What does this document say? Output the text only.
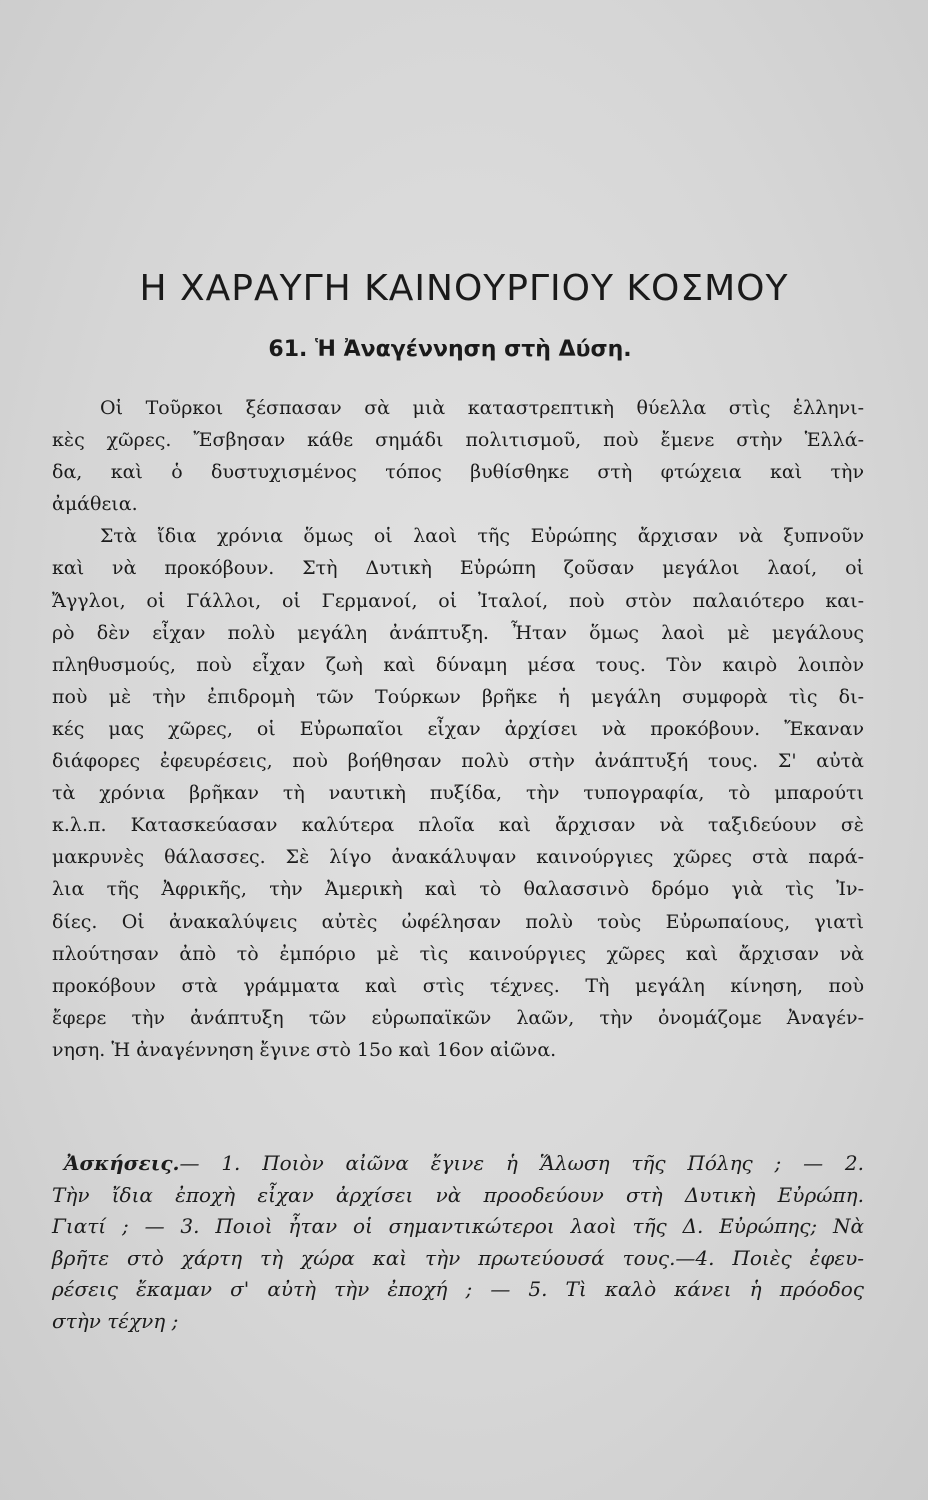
Η ΧΑΡΑΥΓΗ ΚΑΙΝΟΥΡΓΙΟΥ ΚΟΣΜΟΥ
61. Ἡ Ἀναγέννηση στὴ Δύση.
Οἱ Τοῦρκοι ξέσπασαν σὰ μιὰ καταστρεπτικὴ θύελλα στὶς ἑλληνι-
κὲς χῶρες. Ἔσβησαν κάθε σημάδι πολιτισμοῦ, ποὺ ἔμενε στὴν Ἑλλά-
δα, καὶ ὁ δυστυχισμένος τόπος βυθίσθηκε στὴ φτώχεια καὶ τὴν
ἀμάθεια.
Στὰ ἴδια χρόνια ὅμως οἱ λαοὶ τῆς Εὐρώπης ἄρχισαν νὰ ξυπνοῦν
καὶ νὰ προκόβουν. Στὴ Δυτικὴ Εὐρώπη ζοῦσαν μεγάλοι λαοί, οἱ
Ἄγγλοι, οἱ Γάλλοι, οἱ Γερμανοί, οἱ Ἰταλοί, ποὺ στὸν παλαιότερο και-
ρὸ δὲν εἶχαν πολὺ μεγάλη ἀνάπτυξη. Ἦταν ὅμως λαοὶ μὲ μεγάλους
πληθυσμούς, ποὺ εἶχαν ζωὴ καὶ δύναμη μέσα τους. Τὸν καιρὸ λοιπὸν
ποὺ μὲ τὴν ἐπιδρομὴ τῶν Τούρκων βρῆκε ἡ μεγάλη συμφορὰ τὶς δι-
κές μας χῶρες, οἱ Εὐρωπαῖοι εἶχαν ἀρχίσει νὰ προκόβουν. Ἔκαναν
διάφορες ἐφευρέσεις, ποὺ βοήθησαν πολὺ στὴν ἀνάπτυξή τους. Σ' αὐτὰ
τὰ χρόνια βρῆκαν τὴ ναυτικὴ πυξίδα, τὴν τυπογραφία, τὸ μπαρούτι
κ.λ.π. Κατασκεύασαν καλύτερα πλοῖα καὶ ἄρχισαν νὰ ταξιδεύουν σὲ
μακρυνὲς θάλασσες. Σὲ λίγο ἀνακάλυψαν καινούργιες χῶρες στὰ παρά-
λια τῆς Ἀφρικῆς, τὴν Ἀμερικὴ καὶ τὸ θαλασσινὸ δρόμο γιὰ τὶς Ἰν-
δίες. Οἱ ἀνακαλύψεις αὐτὲς ὠφέλησαν πολὺ τοὺς Εὐρωπαίους, γιατὶ
πλούτησαν ἀπὸ τὸ ἐμπόριο μὲ τὶς καινούργιες χῶρες καὶ ἄρχισαν νὰ
προκόβουν στὰ γράμματα καὶ στὶς τέχνες. Τὴ μεγάλη κίνηση, ποὺ
ἔφερε τὴν ἀνάπτυξη τῶν εὐρωπαϊκῶν λαῶν, τὴν ὀνομάζομε Ἀναγέν-
νηση. Ἡ ἀναγέννηση ἔγινε στὸ 15ο καὶ 16ον αἰῶνα.
Ἀσκήσεις.— 1. Ποιὸν αἰῶνα ἔγινε ἡ Ἅλωση τῆς Πόλης ; — 2.
Τὴν ἴδια ἐποχὴ εἶχαν ἀρχίσει νὰ προοδεύουν στὴ Δυτικὴ Εὐρώπη.
Γιατί ; — 3. Ποιοὶ ἦταν οἱ σημαντικώτεροι λαοὶ τῆς Δ. Εὐρώπης; Νὰ
βρῆτε στὸ χάρτη τὴ χώρα καὶ τὴν πρωτεύουσά τους.—4. Ποιὲς ἐφευ-
ρέσεις ἔκαμαν σ' αὐτὴ τὴν ἐποχή ; — 5. Τὶ καλὸ κάνει ἡ πρόοδος
στὴν τέχνη ;
